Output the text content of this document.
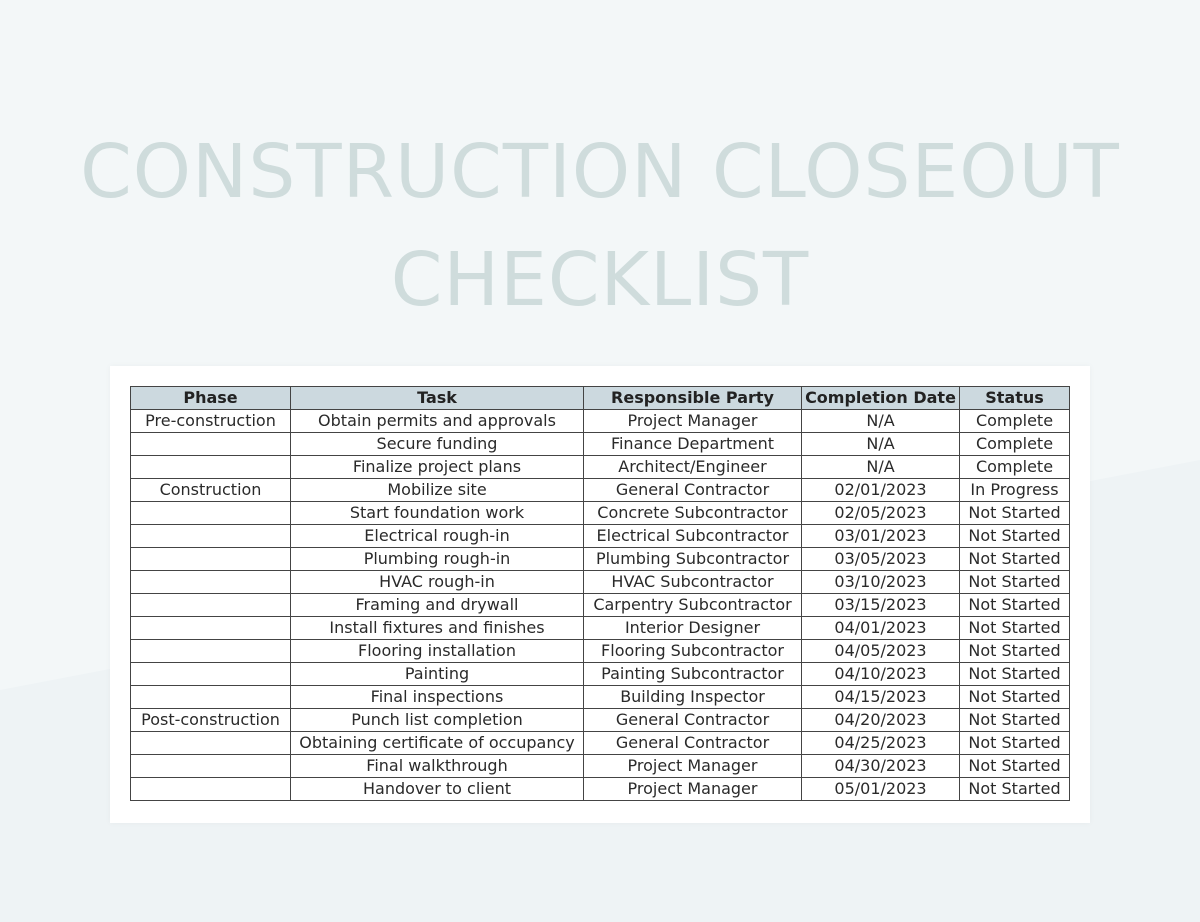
CONSTRUCTION CLOSEOUT
CHECKLIST
Phase	Task	Responsible Party	Completion Date	Status
Pre-construction	Obtain permits and approvals	Project Manager	N/A	Complete
	Secure funding	Finance Department	N/A	Complete
	Finalize project plans	Architect/Engineer	N/A	Complete
Construction	Mobilize site	General Contractor	02/01/2023	In Progress
	Start foundation work	Concrete Subcontractor	02/05/2023	Not Started
	Electrical rough-in	Electrical Subcontractor	03/01/2023	Not Started
	Plumbing rough-in	Plumbing Subcontractor	03/05/2023	Not Started
	HVAC rough-in	HVAC Subcontractor	03/10/2023	Not Started
	Framing and drywall	Carpentry Subcontractor	03/15/2023	Not Started
	Install fixtures and finishes	Interior Designer	04/01/2023	Not Started
	Flooring installation	Flooring Subcontractor	04/05/2023	Not Started
	Painting	Painting Subcontractor	04/10/2023	Not Started
	Final inspections	Building Inspector	04/15/2023	Not Started
Post-construction	Punch list completion	General Contractor	04/20/2023	Not Started
	Obtaining certificate of occupancy	General Contractor	04/25/2023	Not Started
	Final walkthrough	Project Manager	04/30/2023	Not Started
	Handover to client	Project Manager	05/01/2023	Not Started
